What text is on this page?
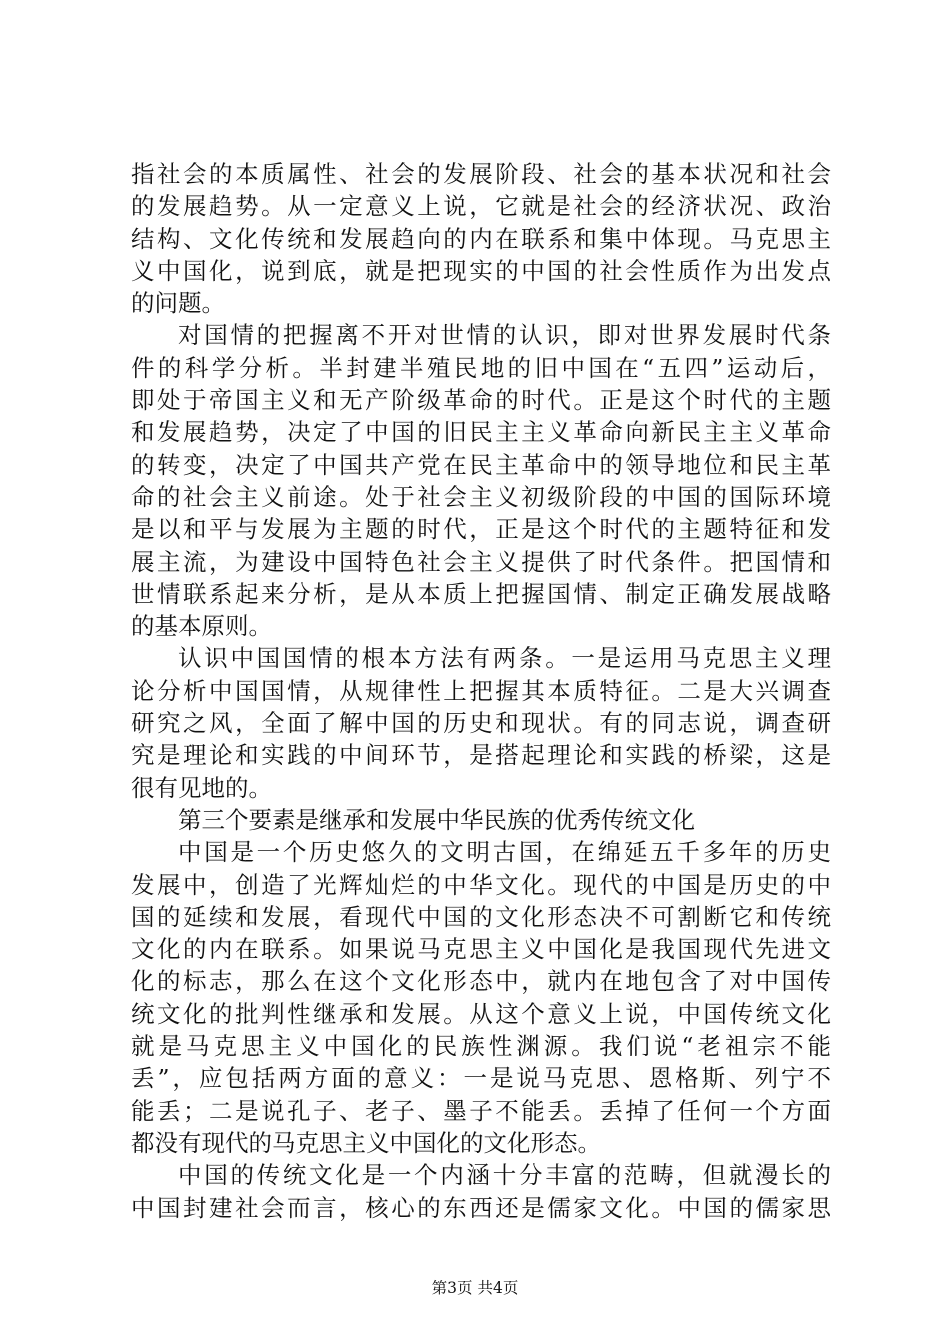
指社会的本质属性、社会的发展阶段、社会的基本状况和社会
的发展趋势。从一定意义上说，它就是社会的经济状况、政治
结构、文化传统和发展趋向的内在联系和集中体现。马克思主
义中国化，说到底，就是把现实的中国的社会性质作为出发点
的问题。
对国情的把握离不开对世情的认识，即对世界发展时代条
件的科学分析。半封建半殖民地的旧中国在“五四”运动后，
即处于帝国主义和无产阶级革命的时代。正是这个时代的主题
和发展趋势，决定了中国的旧民主主义革命向新民主主义革命
的转变，决定了中国共产党在民主革命中的领导地位和民主革
命的社会主义前途。处于社会主义初级阶段的中国的国际环境
是以和平与发展为主题的时代，正是这个时代的主题特征和发
展主流，为建设中国特色社会主义提供了时代条件。把国情和
世情联系起来分析，是从本质上把握国情、制定正确发展战略
的基本原则。
认识中国国情的根本方法有两条。一是运用马克思主义理
论分析中国国情，从规律性上把握其本质特征。二是大兴调查
研究之风，全面了解中国的历史和现状。有的同志说，调查研
究是理论和实践的中间环节，是搭起理论和实践的桥梁，这是
很有见地的。
第三个要素是继承和发展中华民族的优秀传统文化
中国是一个历史悠久的文明古国，在绵延五千多年的历史
发展中，创造了光辉灿烂的中华文化。现代的中国是历史的中
国的延续和发展，看现代中国的文化形态决不可割断它和传统
文化的内在联系。如果说马克思主义中国化是我国现代先进文
化的标志，那么在这个文化形态中，就内在地包含了对中国传
统文化的批判性继承和发展。从这个意义上说，中国传统文化
就是马克思主义中国化的民族性渊源。我们说“老祖宗不能
丢”，应包括两方面的意义：一是说马克思、恩格斯、列宁不
能丢；二是说孔子、老子、墨子不能丢。丢掉了任何一个方面
都没有现代的马克思主义中国化的文化形态。
中国的传统文化是一个内涵十分丰富的范畴，但就漫长的
中国封建社会而言，核心的东西还是儒家文化。中国的儒家思
第3页 共4页
